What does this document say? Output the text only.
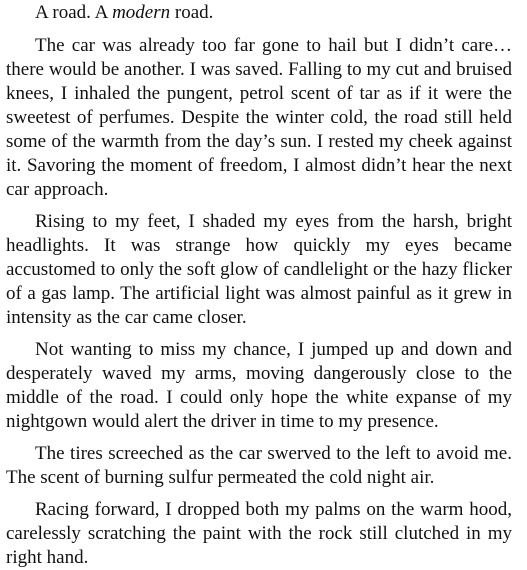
A road. A modern road.

The car was already too far gone to hail but I didn’t care… there would be another. I was saved. Falling to my cut and bruised knees, I inhaled the pungent, petrol scent of tar as if it were the sweetest of perfumes. Despite the winter cold, the road still held some of the warmth from the day’s sun. I rested my cheek against it. Savoring the moment of freedom, I almost didn’t hear the next car approach.

Rising to my feet, I shaded my eyes from the harsh, bright headlights. It was strange how quickly my eyes became accustomed to only the soft glow of candlelight or the hazy flicker of a gas lamp. The artificial light was almost painful as it grew in intensity as the car came closer.

Not wanting to miss my chance, I jumped up and down and desperately waved my arms, moving dangerously close to the middle of the road. I could only hope the white expanse of my nightgown would alert the driver in time to my presence.

The tires screeched as the car swerved to the left to avoid me. The scent of burning sulfur permeated the cold night air.

Racing forward, I dropped both my palms on the warm hood, carelessly scratching the paint with the rock still clutched in my right hand.
